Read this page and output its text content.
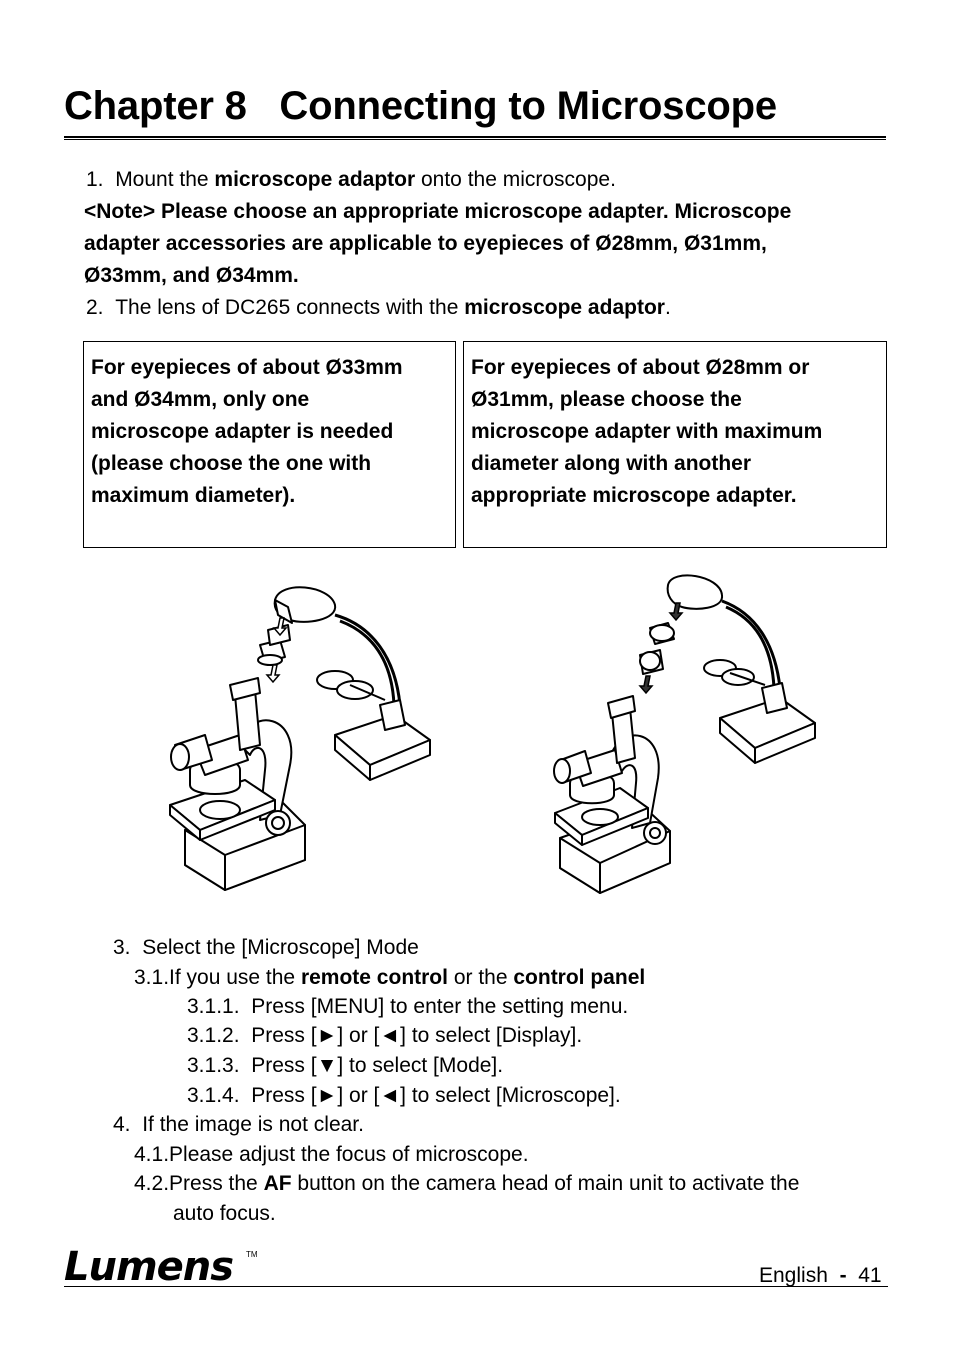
Chapter 8   Connecting to Microscope
1. Mount the microscope adaptor onto the microscope.
<Note> Please choose an appropriate microscope adapter. Microscope
adapter accessories are applicable to eyepieces of Ø28mm, Ø31mm,
Ø33mm, and Ø34mm.
2. The lens of DC265 connects with the microscope adaptor.
For eyepieces of about Ø33mm
and Ø34mm, only one
microscope adapter is needed
(please choose the one with
maximum diameter).
For eyepieces of about Ø28mm or
Ø31mm, please choose the
microscope adapter with maximum
diameter along with another
appropriate microscope adapter.
3. Select the [Microscope] Mode
3.1.If you use the remote control or the control panel
3.1.1. Press [MENU] to enter the setting menu.
3.1.2. Press [►] or [◄] to select [Display].
3.1.3. Press [▼] to select [Mode].
3.1.4. Press [►] or [◄] to select [Microscope].
4. If the image is not clear.
4.1.Please adjust the focus of microscope.
4.2.Press the AF button on the camera head of main unit to activate the
auto focus.
Lumens TM
English - 41
